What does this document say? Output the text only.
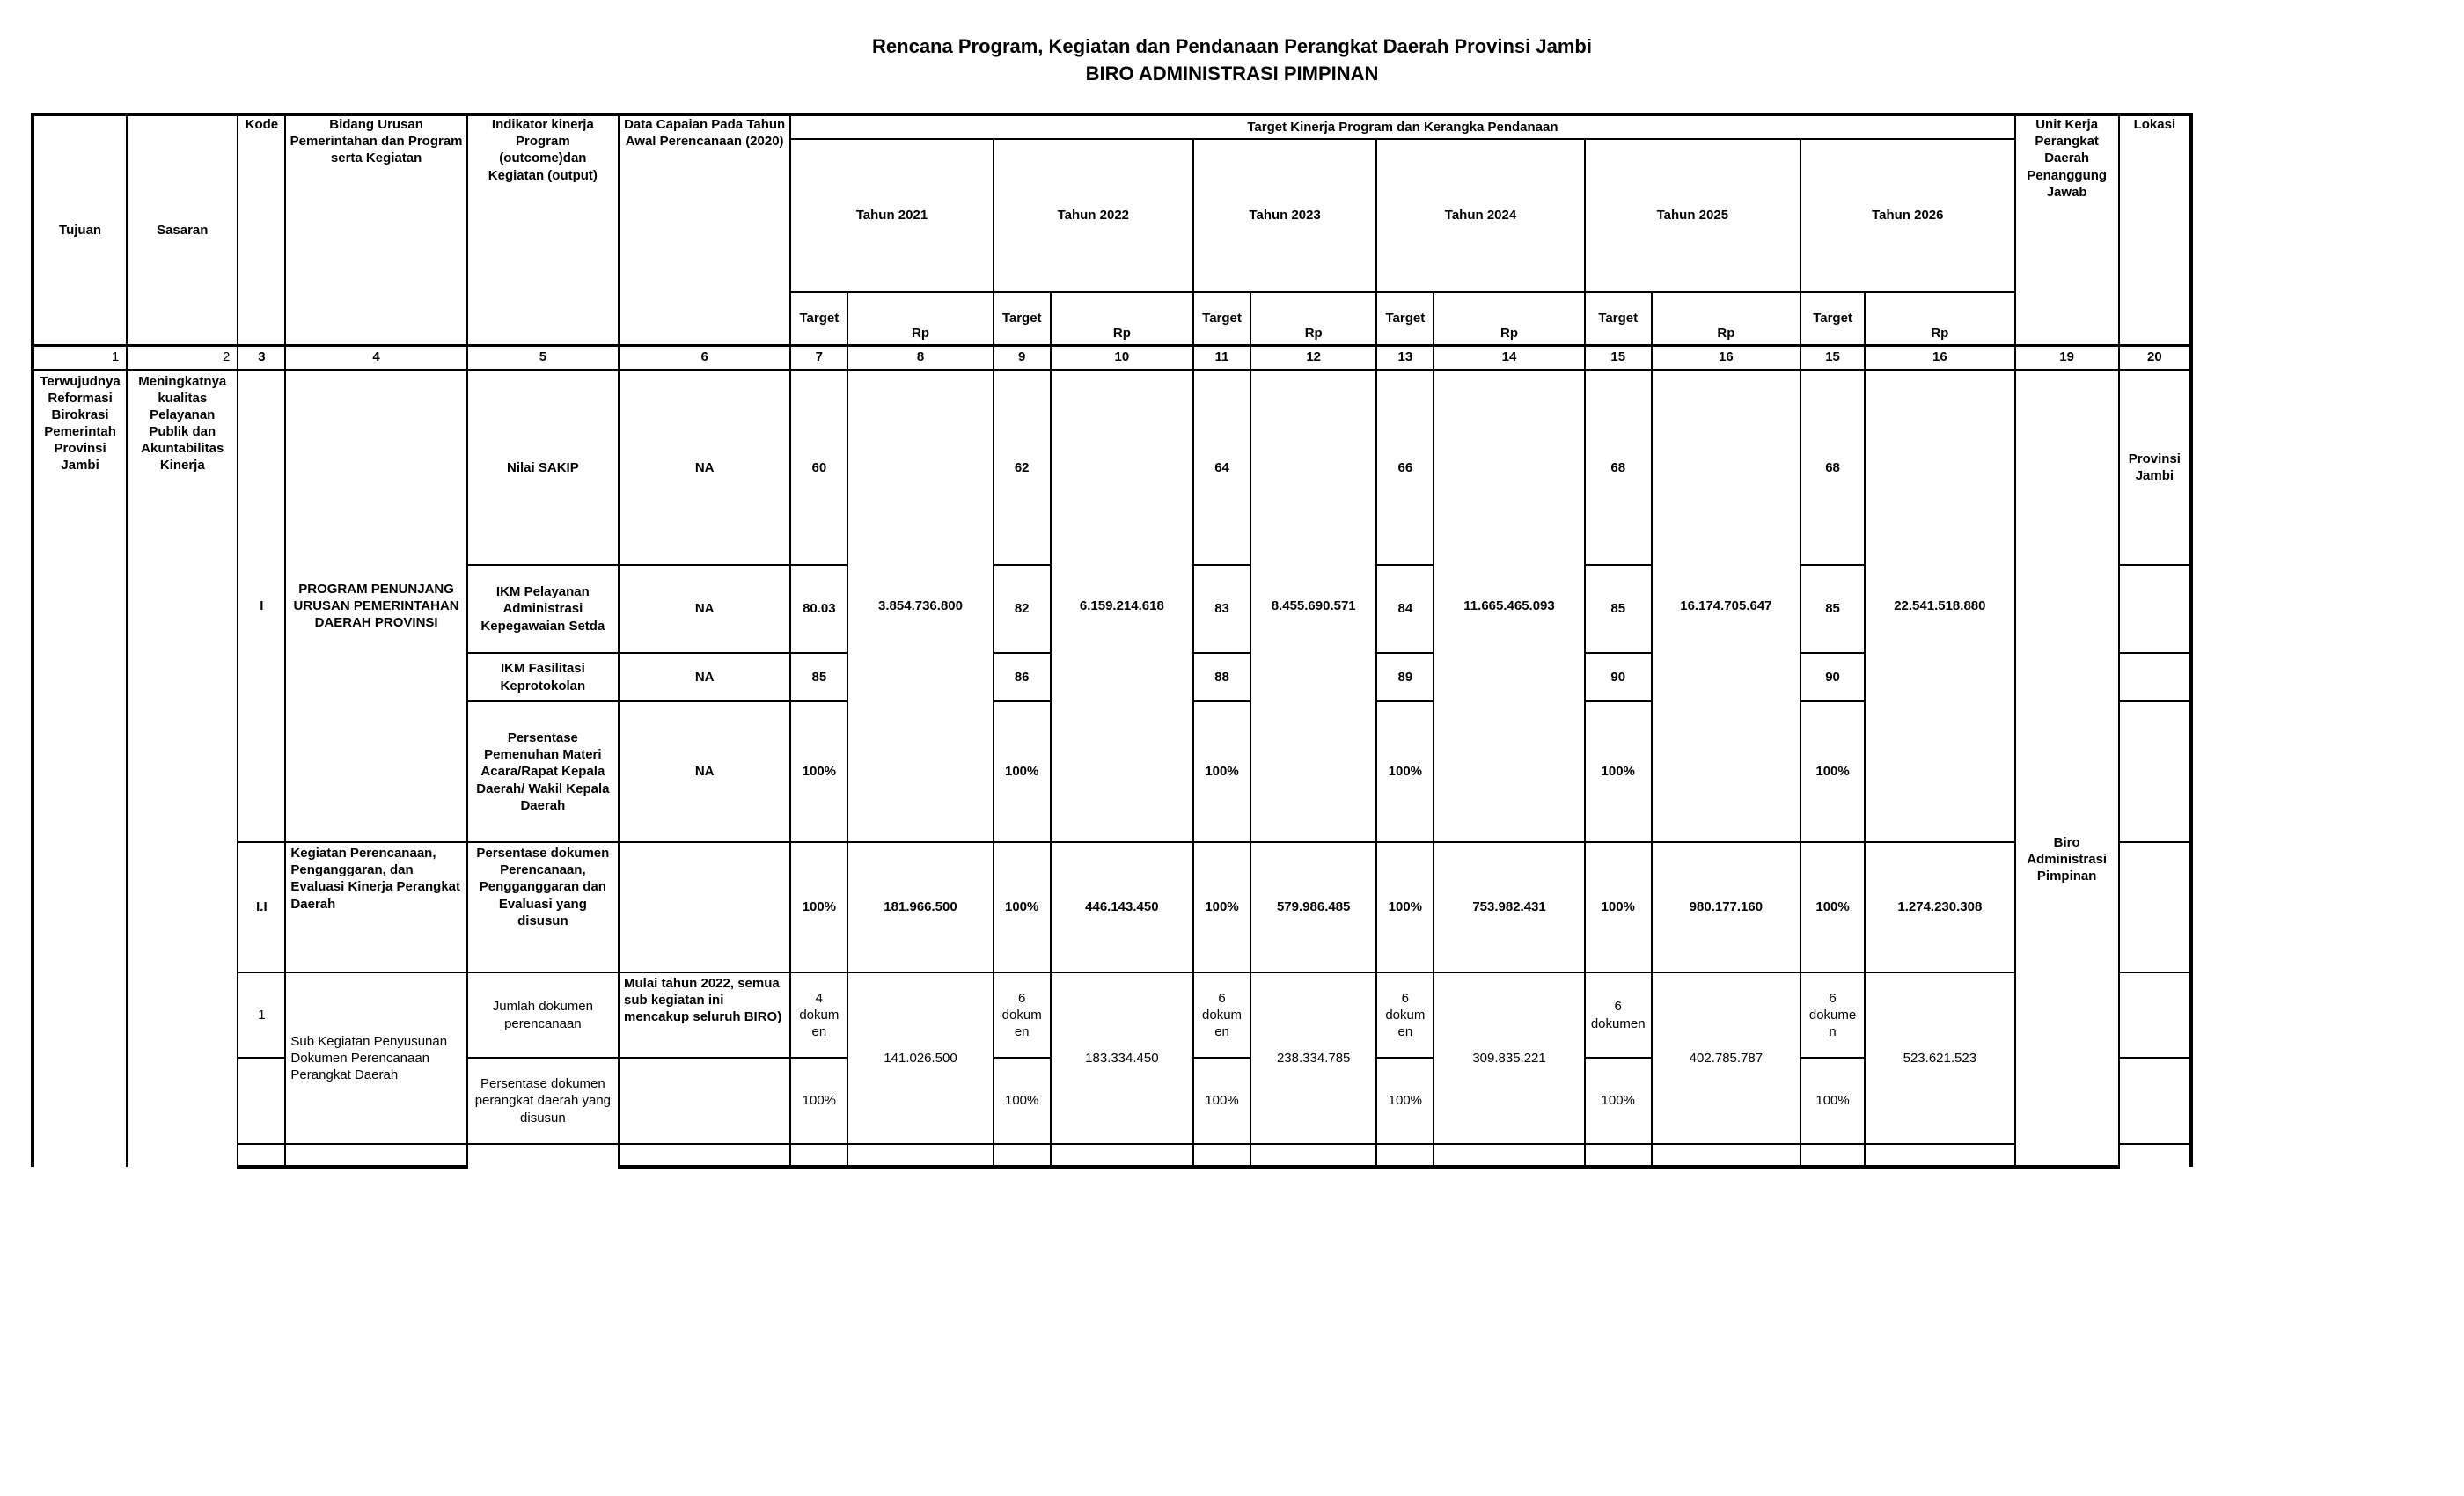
Rencana Program, Kegiatan dan Pendanaan Perangkat Daerah Provinsi Jambi
BIRO ADMINISTRASI PIMPINAN
Tujuan	Sasaran	Kode	Bidang Urusan Pemerintahan dan Program serta Kegiatan	Indikator kinerja Program (outcome)dan Kegiatan (output)	Data Capaian Pada Tahun Awal Perencanaan (2020)	Target Kinerja Program dan Kerangka Pendanaan												Unit Kerja Perangkat Daerah Penanggung Jawab	Lokasi
						Tahun 2021		Tahun 2022		Tahun 2023		Tahun 2024		Tahun 2025		Tahun 2026			
						Target	Rp	Target	Rp	Target	Rp	Target	Rp	Target	Rp	Target	Rp		
1	2	3	4	5	6	7	8	9	10	11	12	13	14	15	16	15	16	19	20
Terwujudnya Reformasi Birokrasi Pemerintah Provinsi Jambi	Meningkatnya kualitas Pelayanan Publik dan Akuntabilitas Kinerja	I	PROGRAM PENUNJANG URUSAN PEMERINTAHAN DAERAH PROVINSI	Nilai SAKIP	NA	60	3.854.736.800	62	6.159.214.618	64	8.455.690.571	66	11.665.465.093	68	16.174.705.647	68	22.541.518.880	Biro Administrasi Pimpinan	Provinsi Jambi
				IKM Pelayanan Administrasi Kepegawaian Setda	NA	80.03		82		83		84		85		85			
				IKM Fasilitasi Keprotokolan	NA	85		86		88		89		90		90			
				Persentase Pemenuhan Materi Acara/Rapat Kepala Daerah/ Wakil Kepala Daerah	NA	100%		100%		100%		100%		100%		100%			
		I.I	Kegiatan Perencanaan, Penganggaran, dan Evaluasi Kinerja Perangkat Daerah	Persentase dokumen Perencanaan, Pengganggaran dan Evaluasi yang disusun		100%	181.966.500	100%	446.143.450	100%	579.986.485	100%	753.982.431	100%	980.177.160	100%	1.274.230.308		
		1	Sub Kegiatan Penyusunan Dokumen Perencanaan Perangkat Daerah	Jumlah dokumen perencanaan	Mulai tahun 2022, semua sub kegiatan ini mencakup seluruh BIRO)	4 dokumen	141.026.500	6 dokumen	183.334.450	6 dokumen	238.334.785	6 dokumen	309.835.221	6 dokumen	402.785.787	6 dokumen	523.621.523		
				Persentase dokumen perangkat daerah yang disusun		100%		100%		100%		100%		100%		100%			
